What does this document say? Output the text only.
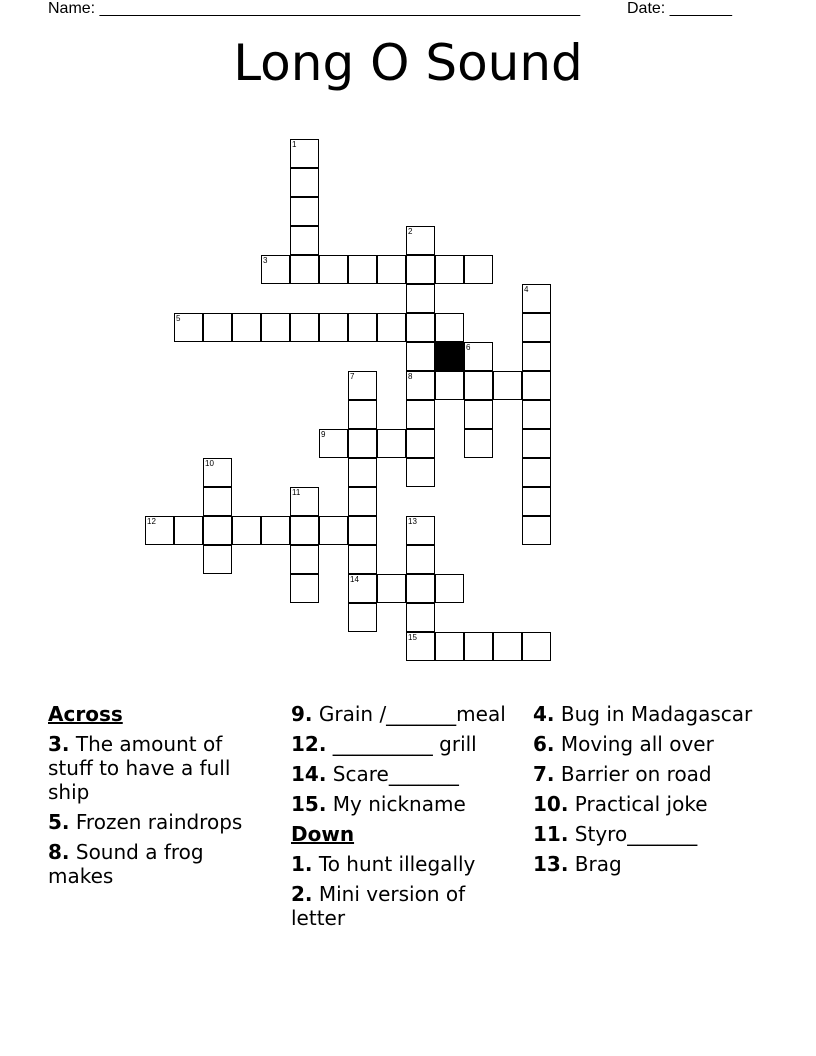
Name: ______________________________________________________	Date: _______
Long O Sound
1
3
2
5
4
6
8
7
9
10
11
12	13
14
15
Across
3. The amount of stuff to have a full ship
5. Frozen raindrops
8. Sound a frog makes
9. Grain /_______meal
12. __________ grill
14. Scare_______
15. My nickname
Down
1. To hunt illegally
2. Mini version of letter
4. Bug in Madagascar
6. Moving all over
7. Barrier on road
10. Practical joke
11. Styro_______
13. Brag
